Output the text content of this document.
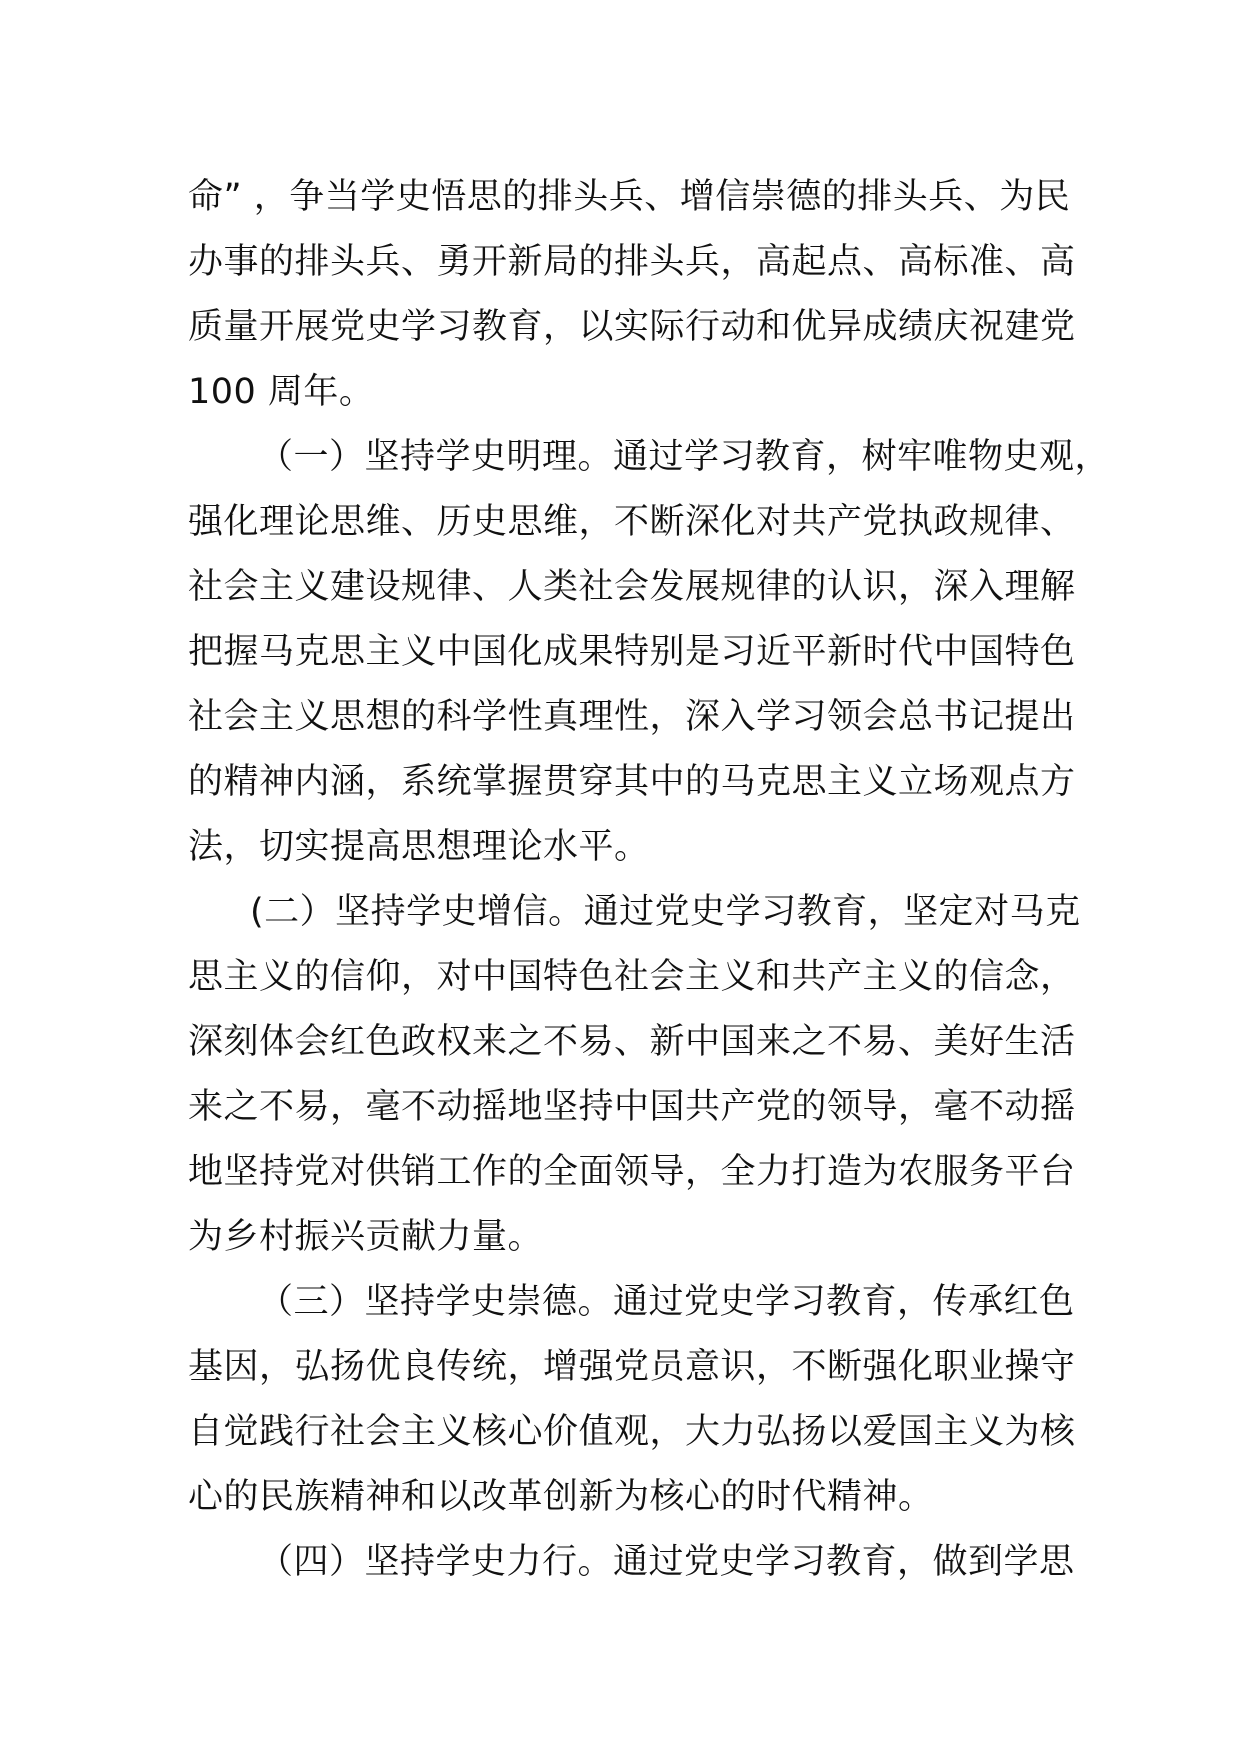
命” ，争当学史悟思的排头兵、增信崇德的排头兵、为民
办事的排头兵、勇开新局的排头兵，高起点、高标准、高
质量开展党史学习教育，以实际行动和优异成绩庆祝建党
100 周年。
（一）坚持学史明理。通过学习教育，树牢唯物史观，
强化理论思维、历史思维，不断深化对共产党执政规律、
社会主义建设规律、人类社会发展规律的认识，深入理解
把握马克思主义中国化成果特别是习近平新时代中国特色
社会主义思想的科学性真理性，深入学习领会总书记提出
的精神内涵，系统掌握贯穿其中的马克思主义立场观点方
法，切实提高思想理论水平。
(二）坚持学史增信。通过党史学习教育，坚定对马克
思主义的信仰，对中国特色社会主义和共产主义的信念，
深刻体会红色政权来之不易、新中国来之不易、美好生活
来之不易，毫不动摇地坚持中国共产党的领导，毫不动摇
地坚持党对供销工作的全面领导，全力打造为农服务平台
为乡村振兴贡献力量。
（三）坚持学史崇德。通过党史学习教育，传承红色
基因，弘扬优良传统，增强党员意识，不断强化职业操守
自觉践行社会主义核心价值观，大力弘扬以爱国主义为核
心的民族精神和以改革创新为核心的时代精神。
（四）坚持学史力行。通过党史学习教育，做到学思
